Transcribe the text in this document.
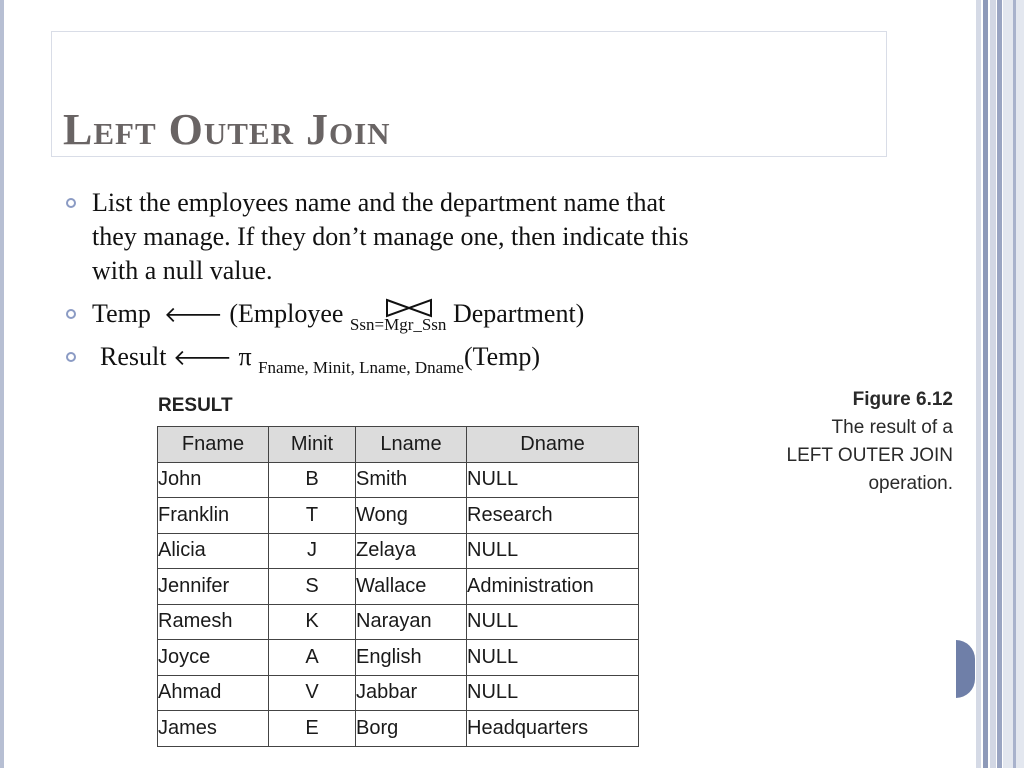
Left Outer Join
List the employees name and the department name that
they manage. If they don’t manage one, then indicate this
with a null value.
Temp 🡐 (Employee $_{Ssn=Mgr\_Ssn}$ Department)
Result 🡐 π $_{Fname, Minit, Lname, Dname}$(Temp)
RESULT
Fname	Minit	Lname	Dname
John	B	Smith	NULL
Franklin	T	Wong	Research
Alicia	J	Zelaya	NULL
Jennifer	S	Wallace	Administration
Ramesh	K	Narayan	NULL
Joyce	A	English	NULL
Ahmad	V	Jabbar	NULL
James	E	Borg	Headquarters
Figure 6.12
The result of a
LEFT OUTER JOIN
operation.
